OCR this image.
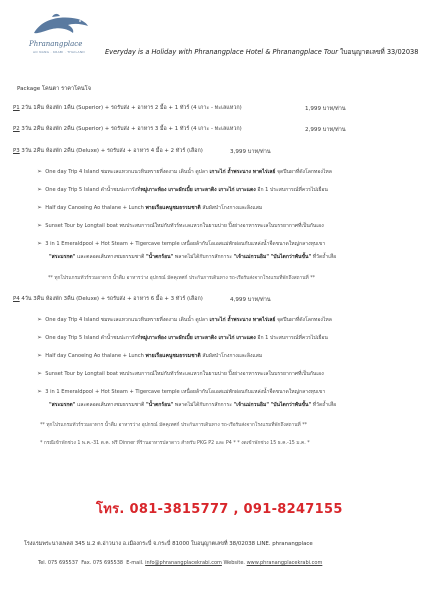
Phranangplace
AO NANG · KRABI · THAILAND	Everyday is a Holiday with Phranangplace Hotel & Phranangplace Tour ใบอนุญาตเลขที่ 33/02038
Package โคนตา ราคาโคนโจ
P1 2วัน 1คืน ห้องพัก 1คืน (Superior) + รถรับส่ง + อาหาร 2 มื้อ + 1 ทัวร์ (4 เกาะ - ทะเลแหวก)	1,999 บาท/ท่าน
P2 3วัน 2คืน ห้องพัก 2คืน (Superior) + รถรับส่ง + อาหาร 3 มื้อ + 1 ทัวร์ (4 เกาะ - ทะเลแหวก)	2,999 บาท/ท่าน
P3 3วัน 2คืน ห้องพัก 2คืน (Deluxe) + รถรับส่ง + อาหาร 4 มื้อ + 2 ทัวร์ (เลือก)	3,999 บาท/ท่าน
➢ One day Trip 4 Island ชมทะเลแหวกแนวหินทรายที่งดงาม เดินน้ำ ดูปลา เกาะไก่ ถ้ำพระนาง หาดไร่เลย์ จุดปีนผาที่ดังโลกทองไหล
➢ One day Trip 5 Island ดำน้ำชมปะการังที่หมู่เกาะห้อง เกาะผักเบี้ย เกาะลาดิง เกาะไก่ เกาะแดง อีก 1 ประสบการณ์ที่ควรไปเยือน
➢ Half day Canoeing Ao thalane + Lunch พายเรือแคนูชมธรรมชาติ สัมผัสป่าโกงกางและลิงแสม
➢ Sunset Tour by Longtail boat พบประสบการณ์ใหม่กับทัวร์ทะเลแหวกในยามบ่าย ปิ้งย่างอาหารทะเลในบรรยากาศที่เป็นกันเอง
➢ 3 in 1 Emeraldpool + Hot Steam + Tigercave temple เหนื่อยล้ากับโอเอสแม่พักผ่อนกับแหล่งน้ำจืดขนาดใหญ่กลางหุบเขา
"สระมรกต" และตลอดเส้นทางชมธรรมชาติ "น้ำตกร้อน" พลาดไม่ได้กับการสักการะ "เจ้าแม่กวนอิม" "บันไดกว่าพันขั้น" ที่วัดถ้ำเสือ
** ทุกโปรแกรมทัวร์รวมอาหาร น้ำดื่ม อาหารว่าง อุปกรณ์ มัคคุเทศก์ ประกันการเดินทาง รถ-เรือรับส่งจากโรงแรมที่พักถึงสถานที่ **
P4 4วัน 3คืน ห้องพัก 3คืน (Deluxe) + รถรับส่ง + อาหาร 6 มื้อ + 3 ทัวร์ (เลือก)	4,999 บาท/ท่าน
➢ One day Trip 4 Island ชมทะเลแหวกแนวหินทรายที่งดงาม เดินน้ำ ดูปลา เกาะไก่ ถ้ำพระนาง หาดไร่เลย์ จุดปีนผาที่ดังโลกทองไหล
➢ One day Trip 5 Island ดำน้ำชมปะการังที่หมู่เกาะห้อง เกาะผักเบี้ย เกาะลาดิง เกาะไก่ เกาะแดง อีก 1 ประสบการณ์ที่ควรไปเยือน
➢ Half day Canoeing Ao thalane + Lunch พายเรือแคนูชมธรรมชาติ สัมผัสป่าโกงกางและลิงแสม
➢ Sunset Tour by Longtail boat พบประสบการณ์ใหม่กับทัวร์ทะเลแหวกในยามบ่าย ปิ้งย่างอาหารทะเลในบรรยากาศที่เป็นกันเอง
➢ 3 in 1 Emeraldpool + Hot Steam + Tigercave temple เหนื่อยล้ากับโอเอสแม่พักผ่อนกับแหล่งน้ำจืดขนาดใหญ่กลางหุบเขา
"สระมรกต" และตลอดเส้นทางชมธรรมชาติ "น้ำตกร้อน" พลาดไม่ได้กับการสักการะ "เจ้าแม่กวนอิม" "บันไดกว่าพันขั้น" ที่วัดถ้ำเสือ
** ทุกโปรแกรมทัวร์รวมอาหาร น้ำดื่ม อาหารว่าง อุปกรณ์ มัคคุเทศก์ ประกันการเดินทาง รถ-เรือรับส่งจากโรงแรมที่พักถึงสถานที่ **
* กรณีเข้าพักช่วง 1 พ.ค.-31 ต.ค. ฟรี Dinner ที่ร้านอาหารปลาดาว สำหรับ PKG P2 และ P4 * * งดเข้าพักช่วง 15 ธ.ค.-15 ม.ค. *
โทร. 081-3815777 , 091-8247155
โรงแรมพระนางเพลส 345 ม.2 ต.อ่าวนาง อ.เมืองกระบี่ จ.กระบี่ 81000 ใบอนุญาตเลขที่ 38/02038 LINE. phranangplace
Tel. 075 695537 Fax. 075 695538 E-mail. info@phranangplacekrabi.com Website. www.phranangplacekrabi.com
